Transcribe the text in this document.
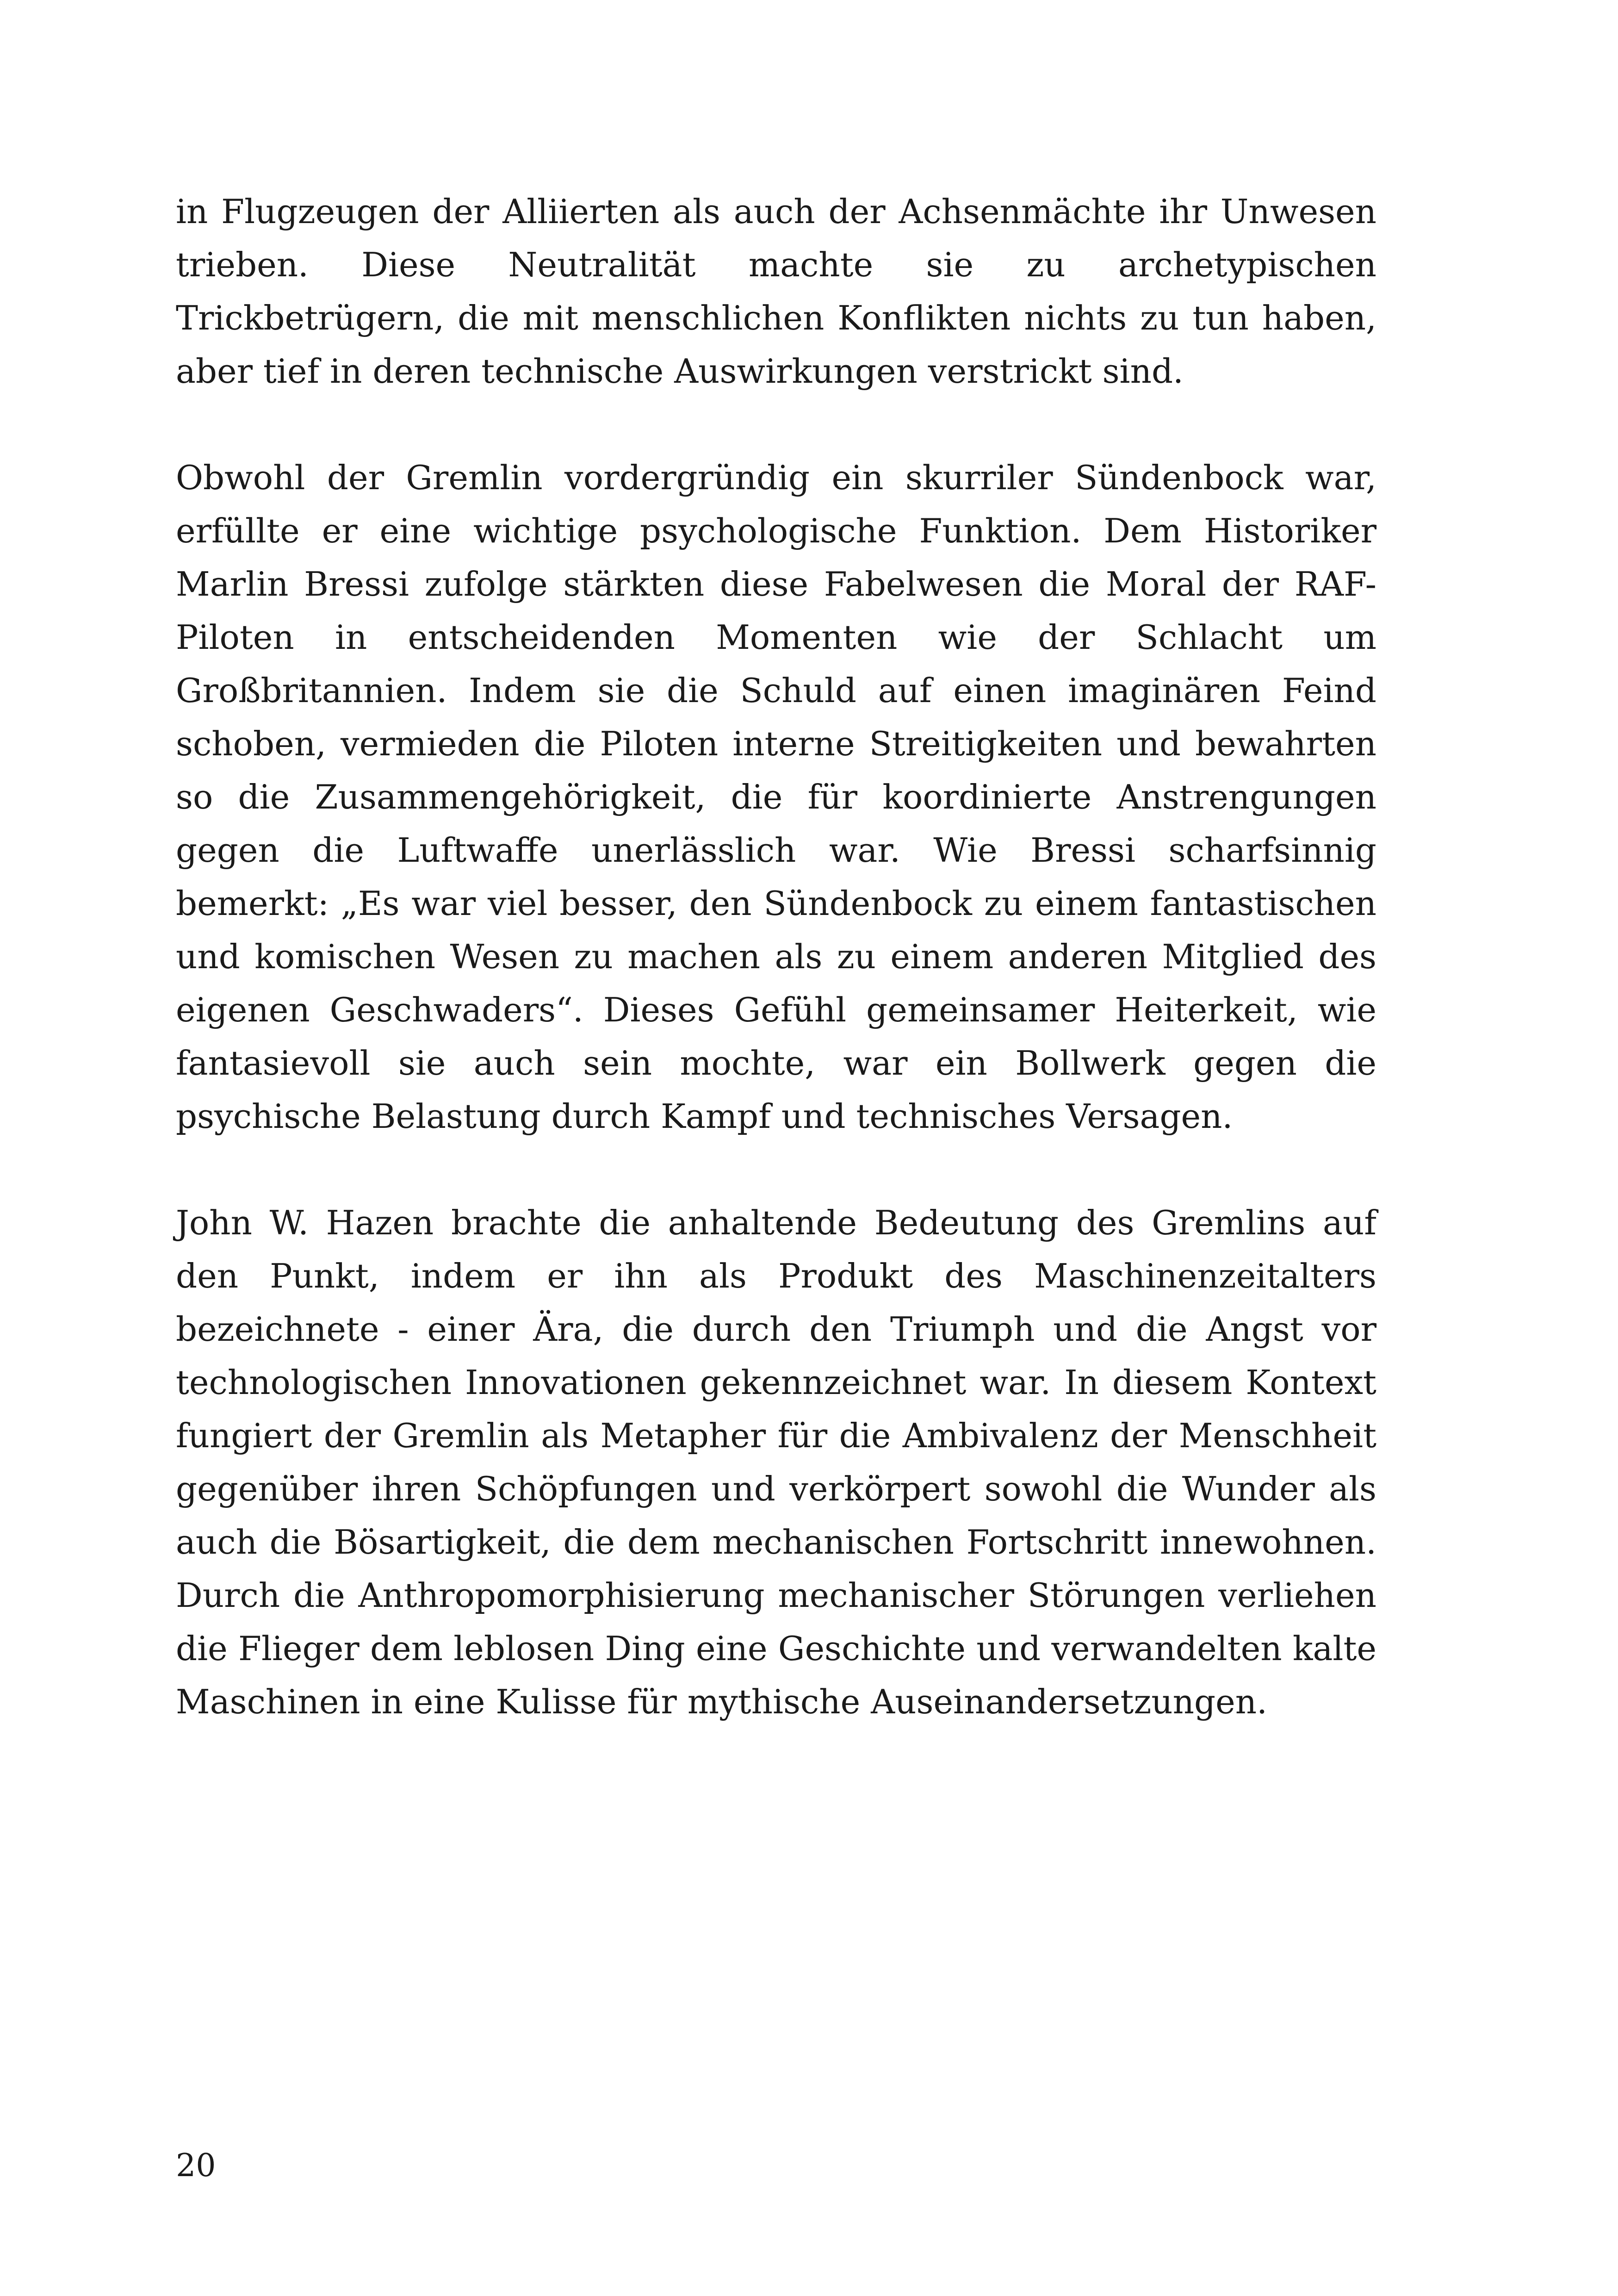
in Flugzeugen der Alliierten als auch der Achsenmächte ihr Unwesen trieben. Diese Neutralität machte sie zu archetypischen Trickbetrügern, die mit menschlichen Konflikten nichts zu tun haben, aber tief in deren technische Auswirkungen verstrickt sind.

Obwohl der Gremlin vordergründig ein skurriler Sündenbock war, erfüllte er eine wichtige psychologische Funktion. Dem Historiker Marlin Bressi zufolge stärkten diese Fabelwesen die Moral der RAF-Piloten in entscheidenden Momenten wie der Schlacht um Großbritannien. Indem sie die Schuld auf einen imaginären Feind schoben, vermieden die Piloten interne Streitigkeiten und bewahrten so die Zusammengehörigkeit, die für koordinierte Anstrengungen gegen die Luftwaffe unerlässlich war. Wie Bressi scharfsinnig bemerkt: „Es war viel besser, den Sündenbock zu einem fantastischen und komischen Wesen zu machen als zu einem anderen Mitglied des eigenen Geschwaders“. Dieses Gefühl gemeinsamer Heiterkeit, wie fantasievoll sie auch sein mochte, war ein Bollwerk gegen die psychische Belastung durch Kampf und technisches Versagen.

John W. Hazen brachte die anhaltende Bedeutung des Gremlins auf den Punkt, indem er ihn als Produkt des Maschinenzeitalters bezeichnete - einer Ära, die durch den Triumph und die Angst vor technologischen Innovationen gekennzeichnet war. In diesem Kontext fungiert der Gremlin als Metapher für die Ambivalenz der Menschheit gegenüber ihren Schöpfungen und verkörpert sowohl die Wunder als auch die Bösartigkeit, die dem mechanischen Fortschritt innewohnen. Durch die Anthropomorphisierung mechanischer Störungen verliehen die Flieger dem leblosen Ding eine Geschichte und verwandelten kalte Maschinen in eine Kulisse für mythische Auseinandersetzungen.

20
